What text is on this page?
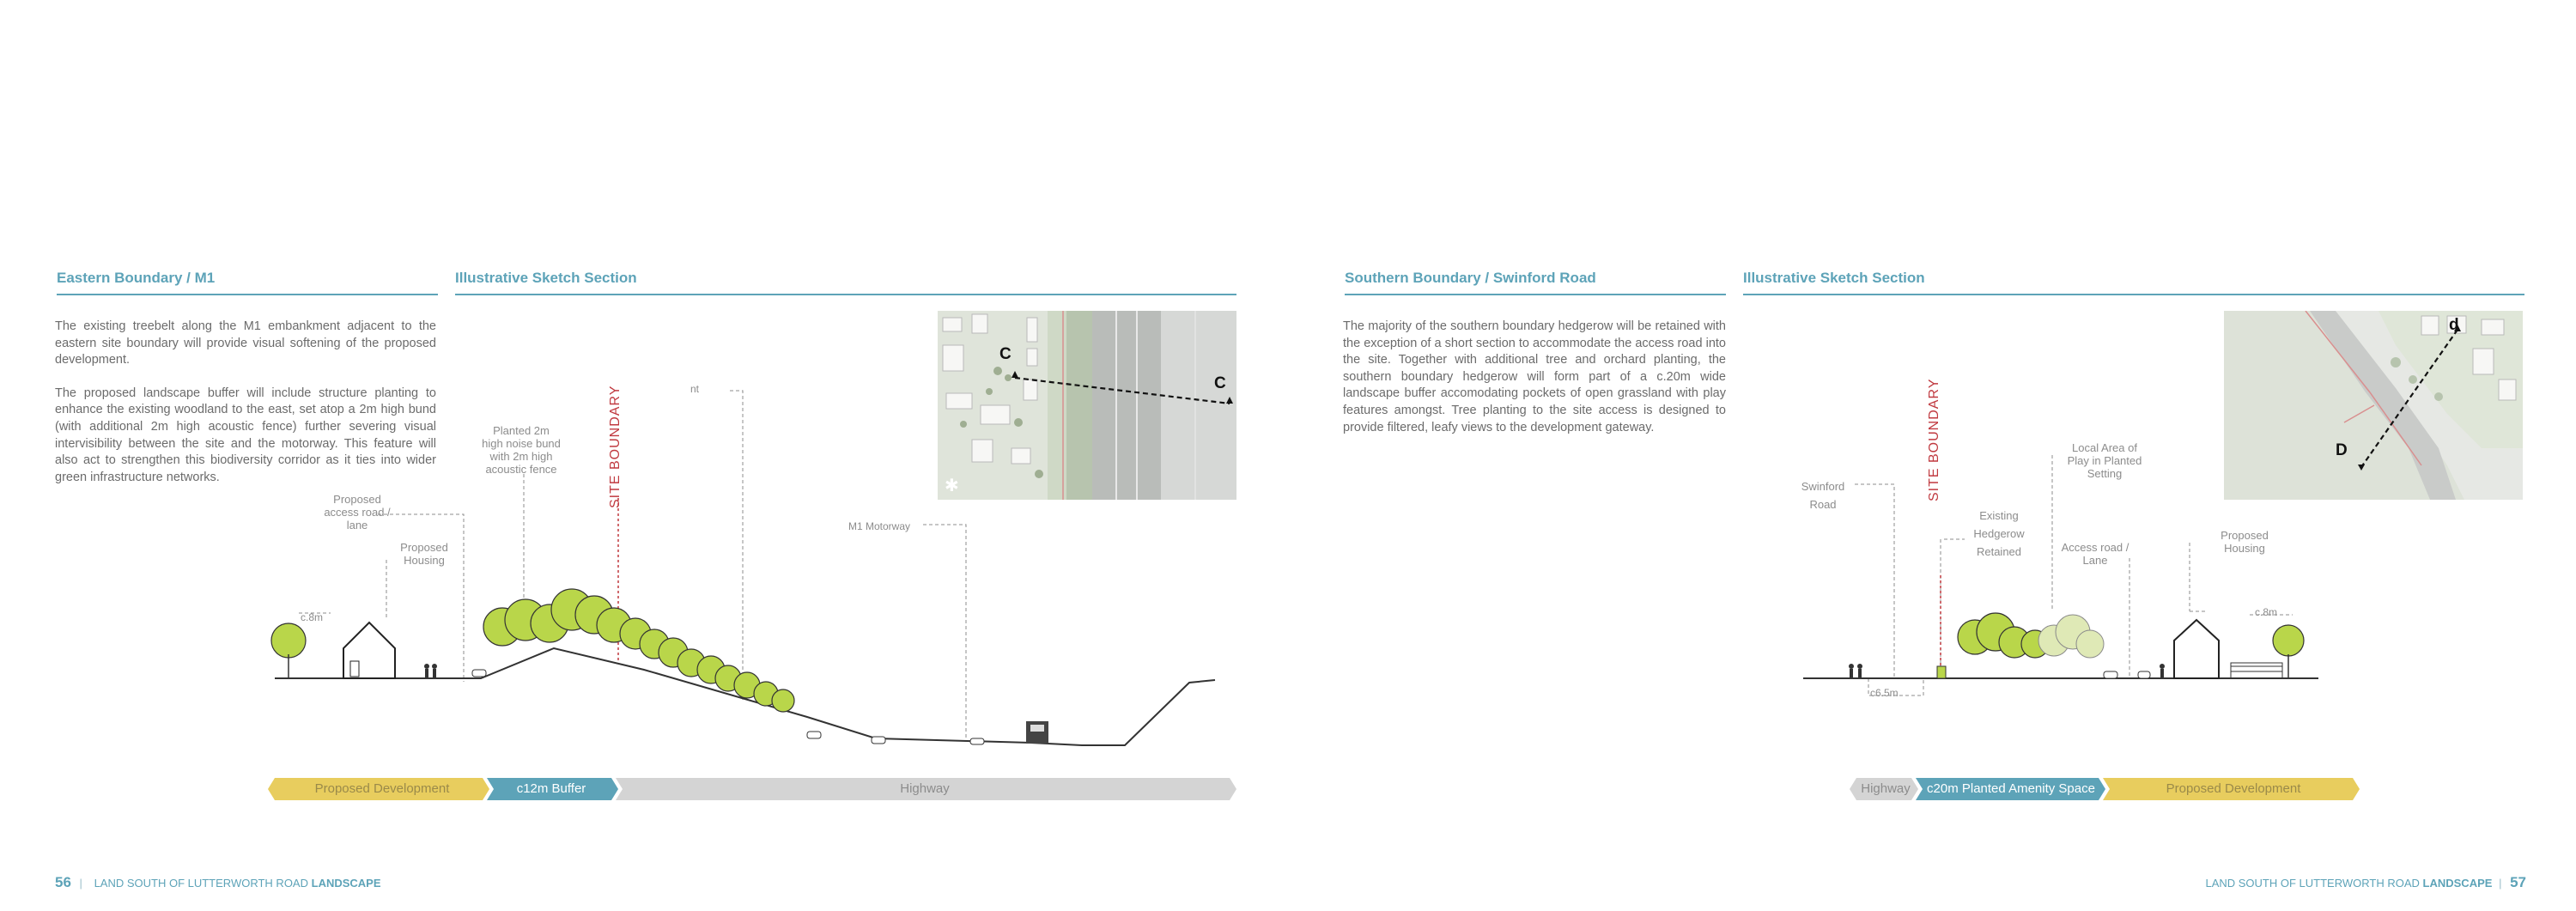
Eastern Boundary / M1	Illustrative Sketch Section

The existing treebelt along the M1 embankment adjacent to the eastern site boundary will provide visual softening of the proposed development.

The proposed landscape buffer will include structure planting to enhance the existing woodland to the east, set atop a 2m high bund (with additional 2m high acoustic fence) further severing visual intervisibility between the site and the motorway. This feature will also act to strengthen this biodiversity corridor as it ties into wider green infrastructure networks.

C
C
✱
Proposed
access road /
lane
Proposed
Housing
Planted 2m
high noise bund
with 2m high
acoustic fence	SITE BOUNDARY	nt
M1 Motorway
c.8m
Proposed Development	c12m Buffer	Highway
56 | LAND SOUTH OF LUTTERWORTH ROAD LANDSCAPE
Southern Boundary / Swinford Road	Illustrative Sketch Section

The majority of the southern boundary hedgerow will be retained with the exception of a short section to accommodate the access road into the site. Together with additional tree and orchard planting, the southern boundary hedgerow will form part of a c.20m wide landscape buffer accomodating pockets of open grassland with play features amongst. Tree planting to the site access is designed to provide filtered, leafy views to the development gateway.

d
D
Swinford
Road
SITE BOUNDARY
Existing
Hedgerow
Retained
Local Area of
Play in Planted
Setting
Access road /
Lane
Proposed
Housing
c.8m
c6.5m
Highway	c20m Planted Amenity Space	Proposed Development
LAND SOUTH OF LUTTERWORTH ROAD LANDSCAPE | 57
